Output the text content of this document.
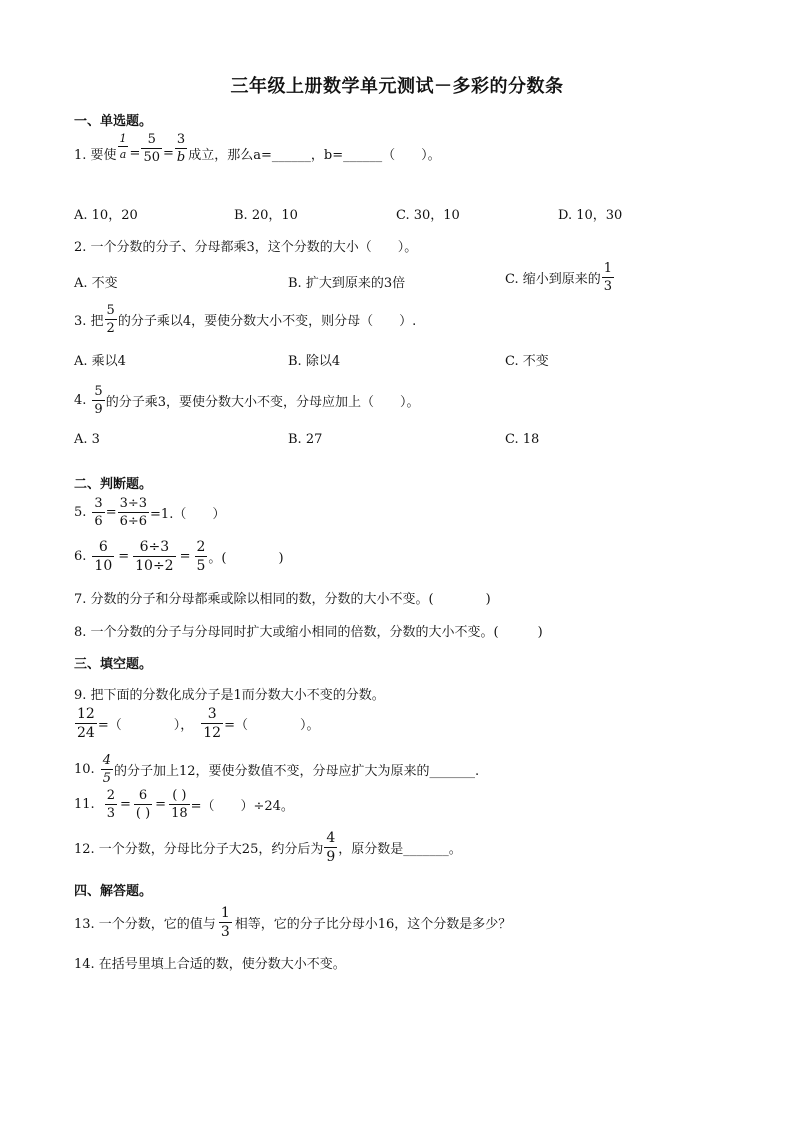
三年级上册数学单元测试－多彩的分数条
一、单选题。
1. 要使 $\frac{1}{a} = \frac{5}{50} = \frac{3}{b}$ 成立，那么a=______，b=______（　　）。
A. 10，20	B. 20，10	C. 30，10	D. 10，30
2. 一个分数的分子、分母都乘3，这个分数的大小（　　）。
A. 不变	B. 扩大到原来的3倍	C. 缩小到原来的 $\frac{1}{3}$
3. 把 $\frac{5}{2}$ 的分子乘以4，要使分数大小不变，则分母（　　）.
A. 乘以4	B. 除以4	C. 不变
4. $\frac{5}{9}$ 的分子乘3，要使分数大小不变，分母应加上（　　）。
A. 3	B. 27	C. 18
二、判断题。
5. $\frac{3}{6} = \frac{3\div 3}{6\div 6} =1$.（　　）
6. $\frac{6}{10} = \frac{6\div 3}{10\div 2} = \frac{2}{5}$ 。(　　　　)
7. 分数的分子和分母都乘或除以相同的数，分数的大小不变。(　　　　)
8. 一个分数的分子与分母同时扩大或缩小相同的倍数，分数的大小不变。(　　　)
三、填空题。
9. 把下面的分数化成分子是1而分数大小不变的分数。
$\frac{12}{24}$ =（　　　　）， $\frac{3}{12}$ =（　　　　）。
10. $\frac{4}{5}$ 的分子加上12，要使分数值不变，分母应扩大为原来的_______.
11. $\frac{2}{3} = \frac{6}{( )} = \frac{( )}{18}$ =（　　）÷24。
12. 一个分数，分母比分子大25，约分后为 $\frac{4}{9}$ ，原分数是_______。
四、解答题。
13. 一个分数，它的值与 $\frac{1}{3}$ 相等，它的分子比分母小16，这个分数是多少？
14. 在括号里填上合适的数，使分数大小不变。
